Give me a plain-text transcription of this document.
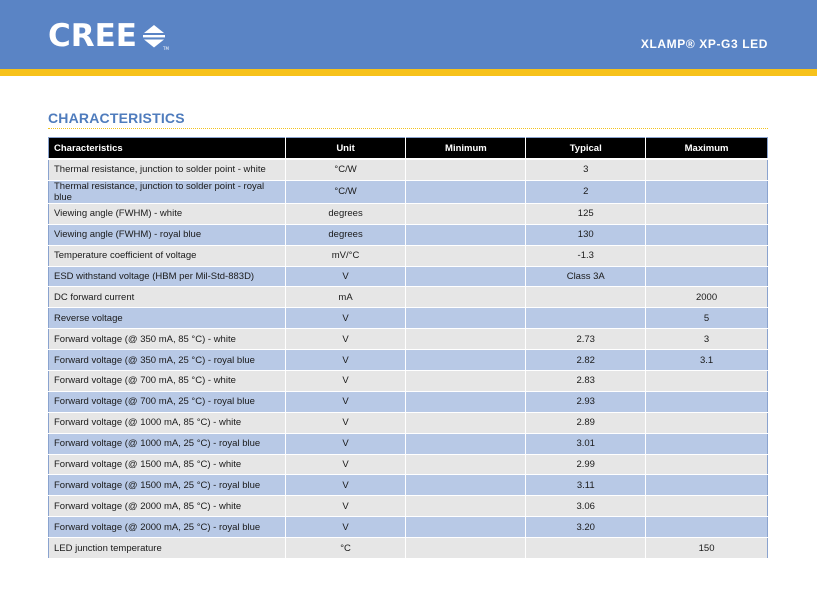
CREE	TM	XLAMP® XP-G3 LED
CHARACTERISTICS
Characteristics	Unit	Minimum	Typical	Maximum
Thermal resistance, junction to solder point - white	°C/W		3	
Thermal resistance, junction to solder point - royal blue	°C/W		2	
Viewing angle (FWHM) - white	degrees		125	
Viewing angle (FWHM) - royal blue	degrees		130	
Temperature coefficient of voltage	mV/°C		-1.3	
ESD withstand voltage (HBM per Mil-Std-883D)	V		Class 3A	
DC forward current	mA			2000
Reverse voltage	V			5
Forward voltage (@ 350 mA, 85 °C) - white	V		2.73	3
Forward voltage (@ 350 mA, 25 °C) - royal blue	V		2.82	3.1
Forward voltage (@ 700 mA, 85 °C) - white	V		2.83	
Forward voltage (@ 700 mA, 25 °C) - royal blue	V		2.93	
Forward voltage (@ 1000 mA, 85 °C) - white	V		2.89	
Forward voltage (@ 1000 mA, 25 °C) - royal blue	V		3.01	
Forward voltage (@ 1500 mA, 85 °C) - white	V		2.99	
Forward voltage (@ 1500 mA, 25 °C) - royal blue	V		3.11	
Forward voltage (@ 2000 mA, 85 °C) - white	V		3.06	
Forward voltage (@ 2000 mA, 25 °C) - royal blue	V		3.20	
LED junction temperature	°C			150
